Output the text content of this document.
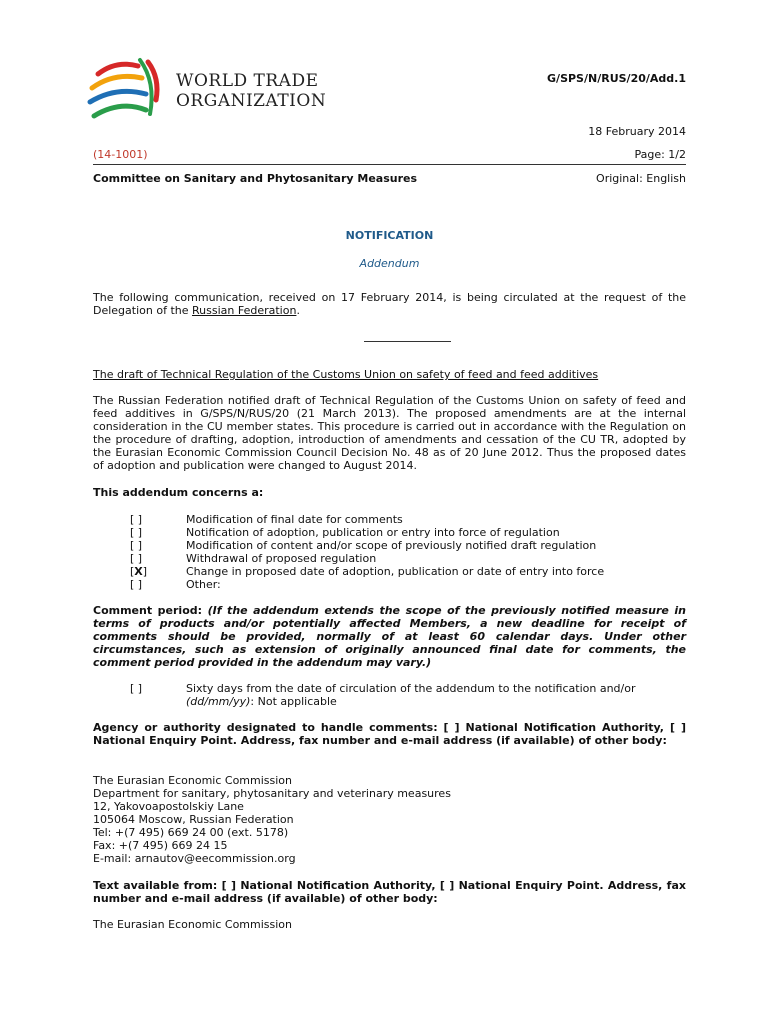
WORLD TRADE
ORGANIZATION
G/SPS/N/RUS/20/Add.1
18 February 2014
(14-1001)	Page: 1/2
Committee on Sanitary and Phytosanitary Measures	Original: English
NOTIFICATION
Addendum
The following communication, received on 17 February 2014, is being circulated at the request of the Delegation of the Russian Federation.
The draft of Technical Regulation of the Customs Union on safety of feed and feed additives
The Russian Federation notified draft of Technical Regulation of the Customs Union on safety of feed and feed additives in G/SPS/N/RUS/20 (21 March 2013). The proposed amendments are at the internal consideration in the CU member states. This procedure is carried out in accordance with the Regulation on the procedure of drafting, adoption, introduction of amendments and cessation of the CU TR, adopted by the Eurasian Economic Commission Council Decision No. 48 as of 20 June 2012. Thus the proposed dates of adoption and publication were changed to August 2014.
This addendum concerns a:
[ ]	Modification of final date for comments
[ ]	Notification of adoption, publication or entry into force of regulation
[ ]	Modification of content and/or scope of previously notified draft regulation
[ ]	Withdrawal of proposed regulation
[X]	Change in proposed date of adoption, publication or date of entry into force
[ ]	Other:
Comment period: (If the addendum extends the scope of the previously notified measure in terms of products and/or potentially affected Members, a new deadline for receipt of comments should be provided, normally of at least 60 calendar days. Under other circumstances, such as extension of originally announced final date for comments, the comment period provided in the addendum may vary.)
[ ]	Sixty days from the date of circulation of the addendum to the notification and/or
(dd/mm/yy): Not applicable
Agency or authority designated to handle comments: [ ] National Notification Authority, [ ] National Enquiry Point. Address, fax number and e-mail address (if available) of other body:
The Eurasian Economic Commission
Department for sanitary, phytosanitary and veterinary measures
12, Yakovoapostolskiy Lane
105064 Moscow, Russian Federation
Tel: +(7 495) 669 24 00 (ext. 5178)
Fax: +(7 495) 669 24 15
E-mail: arnautov@eecommission.org
Text available from: [ ] National Notification Authority, [ ] National Enquiry Point. Address, fax number and e-mail address (if available) of other body:
The Eurasian Economic Commission
